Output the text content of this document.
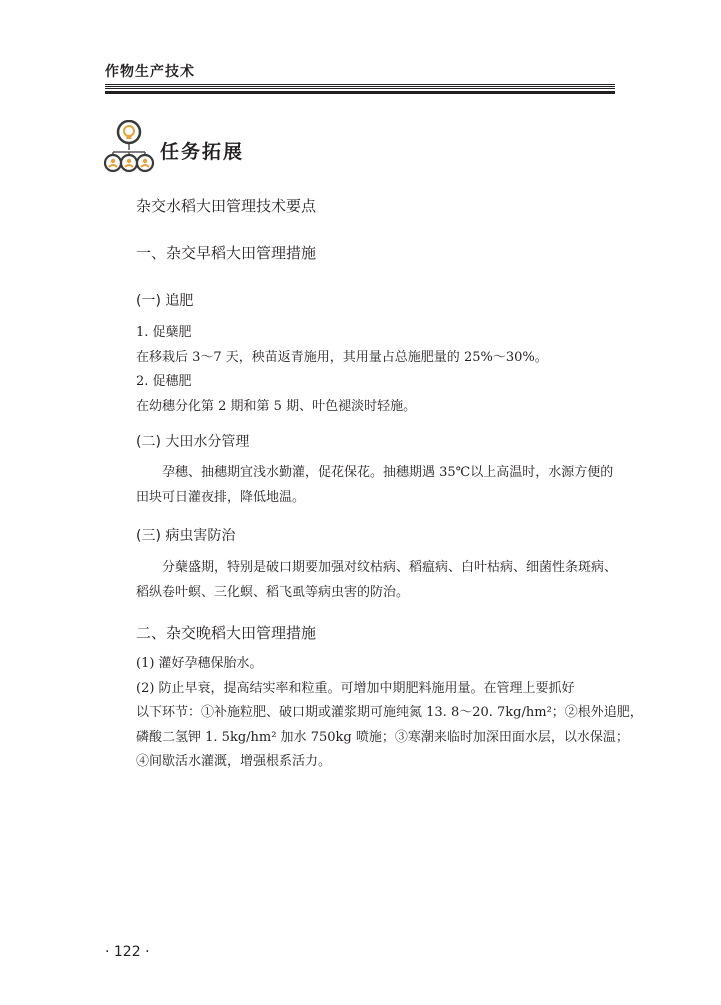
作物生产技术
任务拓展
杂交水稻大田管理技术要点
一、杂交早稻大田管理措施
(一) 追肥
1. 促蘖肥
在移栽后 3～7 天，秧苗返青施用，其用量占总施肥量的 25%～30%。
2. 促穗肥
在幼穗分化第 2 期和第 5 期、叶色褪淡时轻施。
(二) 大田水分管理
孕穗、抽穗期宜浅水勤灌，促花保花。抽穗期遇 35℃以上高温时，水源方便的
田块可日灌夜排，降低地温。
(三) 病虫害防治
分蘖盛期，特别是破口期要加强对纹枯病、稻瘟病、白叶枯病、细菌性条斑病、
稻纵卷叶螟、三化螟、稻飞虱等病虫害的防治。
二、杂交晚稻大田管理措施
(1) 灌好孕穗保胎水。
(2) 防止早衰，提高结实率和粒重。可增加中期肥料施用量。在管理上要抓好
以下环节：①补施粒肥、破口期或灌浆期可施纯氮 13. 8～20. 7kg/hm²；②根外追肥，
磷酸二氢钾 1. 5kg/hm² 加水 750kg 喷施；③寒潮来临时加深田面水层，以水保温；
④间歇活水灌溉，增强根系活力。
· 122 ·
